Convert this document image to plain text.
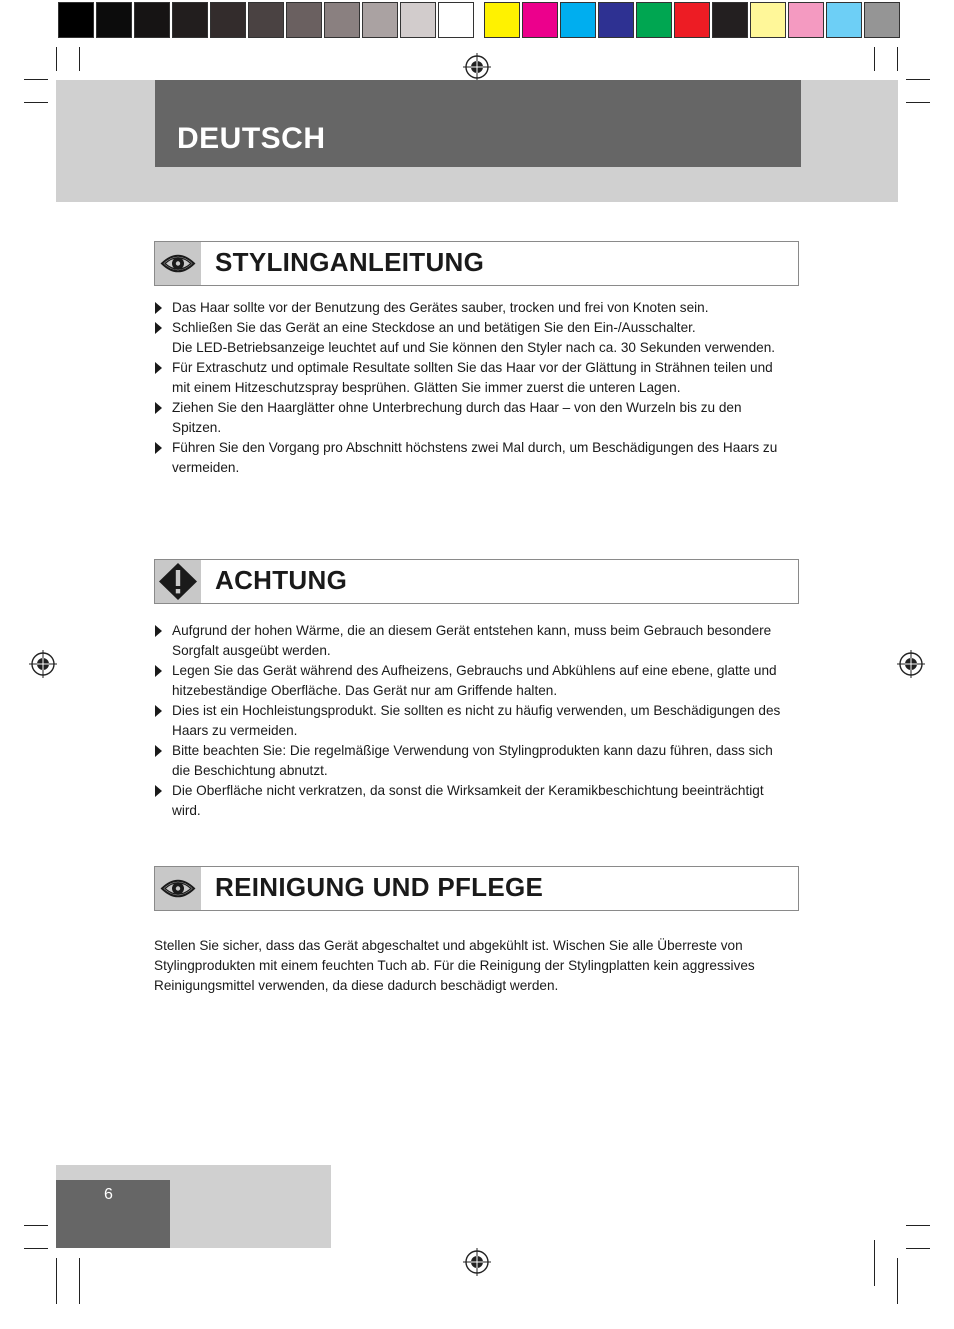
DEUTSCH
STYLINGANLEITUNG
Das Haar sollte vor der Benutzung des Gerätes sauber, trocken und frei von Knoten sein.
Schließen Sie das Gerät an eine Steckdose an und betätigen Sie den Ein-/Ausschalter.
Die LED-Betriebsanzeige leuchtet auf und Sie können den Styler nach ca. 30 Sekunden verwenden.
Für Extraschutz und optimale Resultate sollten Sie das Haar vor der Glättung in Strähnen teilen und mit einem Hitzeschutzspray besprühen. Glätten Sie immer zuerst die unteren Lagen.
Ziehen Sie den Haarglätter ohne Unterbrechung durch das Haar – von den Wurzeln bis zu den Spitzen.
Führen Sie den Vorgang pro Abschnitt höchstens zwei Mal durch, um Beschädigungen des Haars zu vermeiden.
ACHTUNG
Aufgrund der hohen Wärme, die an diesem Gerät entstehen kann, muss beim Gebrauch besondere Sorgfalt ausgeübt werden.
Legen Sie das Gerät während des Aufheizens, Gebrauchs und Abkühlens auf eine ebene, glatte und hitzebeständige Oberfläche. Das Gerät nur am Griffende halten.
Dies ist ein Hochleistungsprodukt. Sie sollten es nicht zu häufig verwenden, um Beschädigungen des Haars zu vermeiden.
Bitte beachten Sie: Die regelmäßige Verwendung von Stylingprodukten kann dazu führen, dass sich die Beschichtung abnutzt.
Die Oberfläche nicht verkratzen, da sonst die Wirksamkeit der Keramikbeschichtung beeinträchtigt wird.
REINIGUNG UND PFLEGE

Stellen Sie sicher, dass das Gerät abgeschaltet und abgekühlt ist. Wischen Sie alle Überreste von Stylingprodukten mit einem feuchten Tuch ab. Für die Reinigung der Stylingplatten kein aggressives Reinigungsmittel verwenden, da diese dadurch beschädigt werden.

6
